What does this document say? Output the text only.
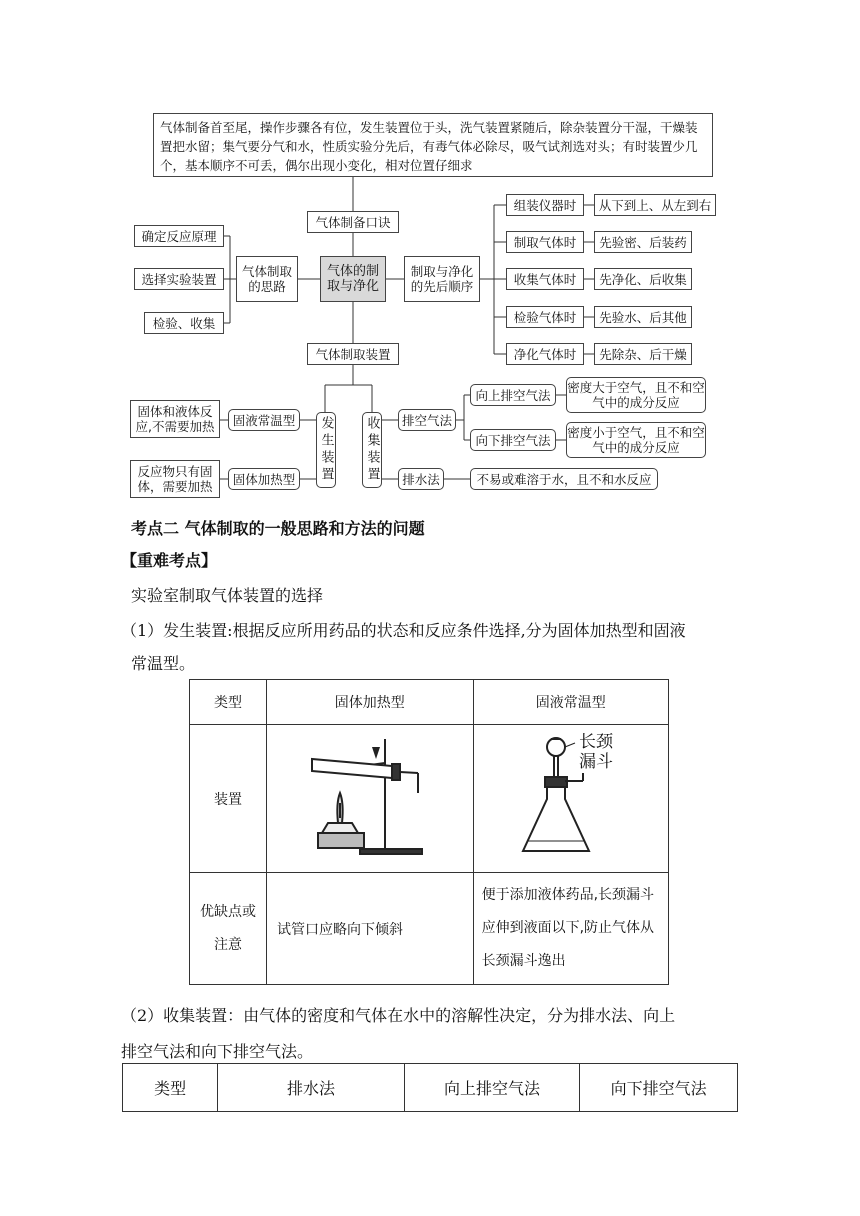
气体制备首至尾，操作步骤各有位，发生装置位于头，洗气装置紧随后，除杂装置分干湿，干燥装置把水留；集气要分气和水，性质实验分先后，有毒气体必除尽，吸气试剂选对头；有时装置少几个，基本顺序不可丢，偶尔出现小变化，相对位置仔细求
气体制备口诀
气体的制取与净化
气体制取的思路
制取与净化的先后顺序
确定反应原理
选择实验装置
检验、收集
组装仪器时	从下到上、从左到右
制取气体时	先验密、后装药
收集气体时	先净化、后收集
检验气体时	先验水、后其他
净化气体时	先除杂、后干燥
气体制取装置
发生装置 收集装置
固液常温型
固体和液体反应,不需要加热
固体加热型
反应物只有固体，需要加热
排空气法
向上排空气法	密度大于空气，且不和空气中的成分反应
向下排空气法	密度小于空气，且不和空气中的成分反应
排水法	不易或难溶于水，且不和水反应
考点二 气体制取的一般思路和方法的问题
【重难考点】
实验室制取气体装置的选择
（1）发生装置:根据反应所用药品的状态和反应条件选择,分为固体加热型和固液
常温型。
类型	固体加热型	固液常温型
装置		长颈
漏斗

优缺点或注意	试管口应略向下倾斜	便于添加液体药品,长颈漏斗应伸到液面以下,防止气体从长颈漏斗逸出
（2）收集装置：由气体的密度和气体在水中的溶解性决定，分为排水法、向上
排空气法和向下排空气法。
类型	排水法	向上排空气法	向下排空气法
